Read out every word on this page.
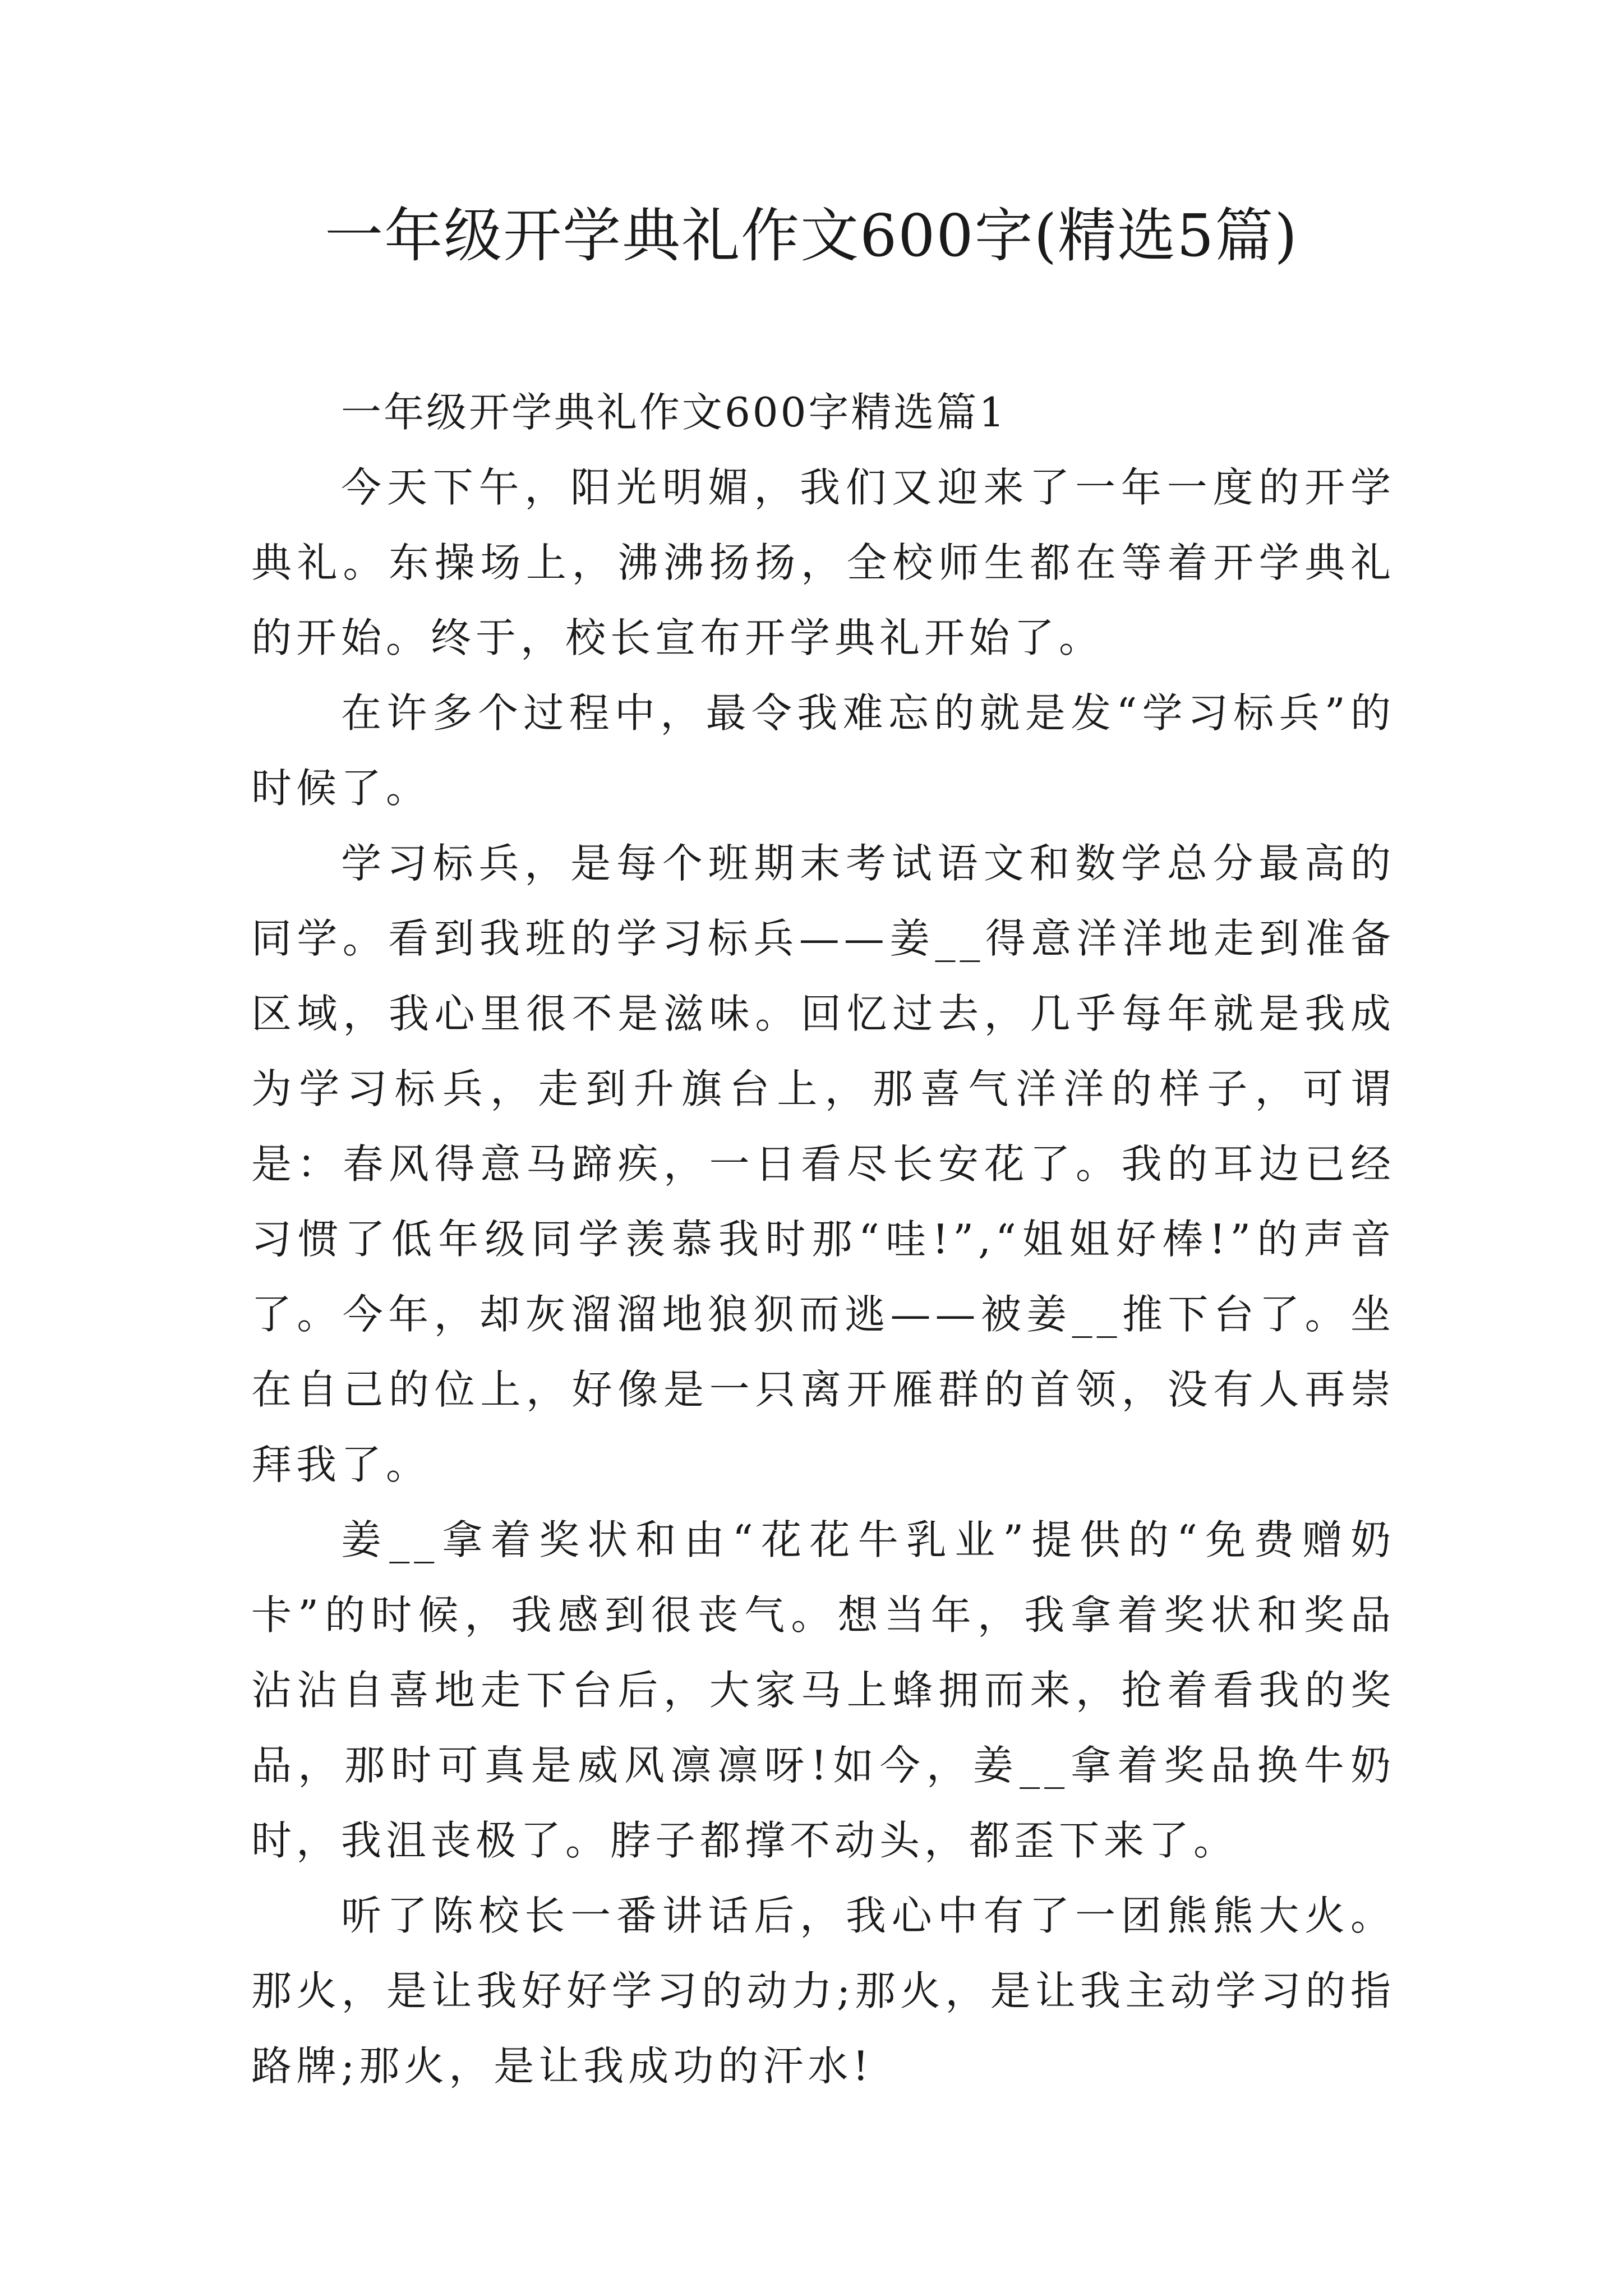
一年级开学典礼作文600字(精选5篇)

一年级开学典礼作文600字精选篇1

今天下午，阳光明媚，我们又迎来了一年一度的开学典礼。东操场上，沸沸扬扬，全校师生都在等着开学典礼的开始。终于，校长宣布开学典礼开始了。

在许多个过程中，最令我难忘的就是发“学习标兵”的时候了。

学习标兵，是每个班期末考试语文和数学总分最高的同学。看到我班的学习标兵——姜__得意洋洋地走到准备区域，我心里很不是滋味。回忆过去，几乎每年就是我成为学习标兵，走到升旗台上，那喜气洋洋的样子，可谓是：春风得意马蹄疾，一日看尽长安花了。我的耳边已经习惯了低年级同学羡慕我时那“哇!”,“姐姐好棒!”的声音了。今年，却灰溜溜地狼狈而逃——被姜__推下台了。坐在自己的位上，好像是一只离开雁群的首领，没有人再崇拜我了。

姜__拿着奖状和由“花花牛乳业”提供的“免费赠奶卡”的时候，我感到很丧气。想当年，我拿着奖状和奖品沾沾自喜地走下台后，大家马上蜂拥而来，抢着看我的奖品，那时可真是威风凛凛呀!如今，姜__拿着奖品换牛奶时，我沮丧极了。脖子都撑不动头，都歪下来了。

听了陈校长一番讲话后，我心中有了一团熊熊大火。那火，是让我好好学习的动力;那火，是让我主动学习的指路牌;那火，是让我成功的汗水!
